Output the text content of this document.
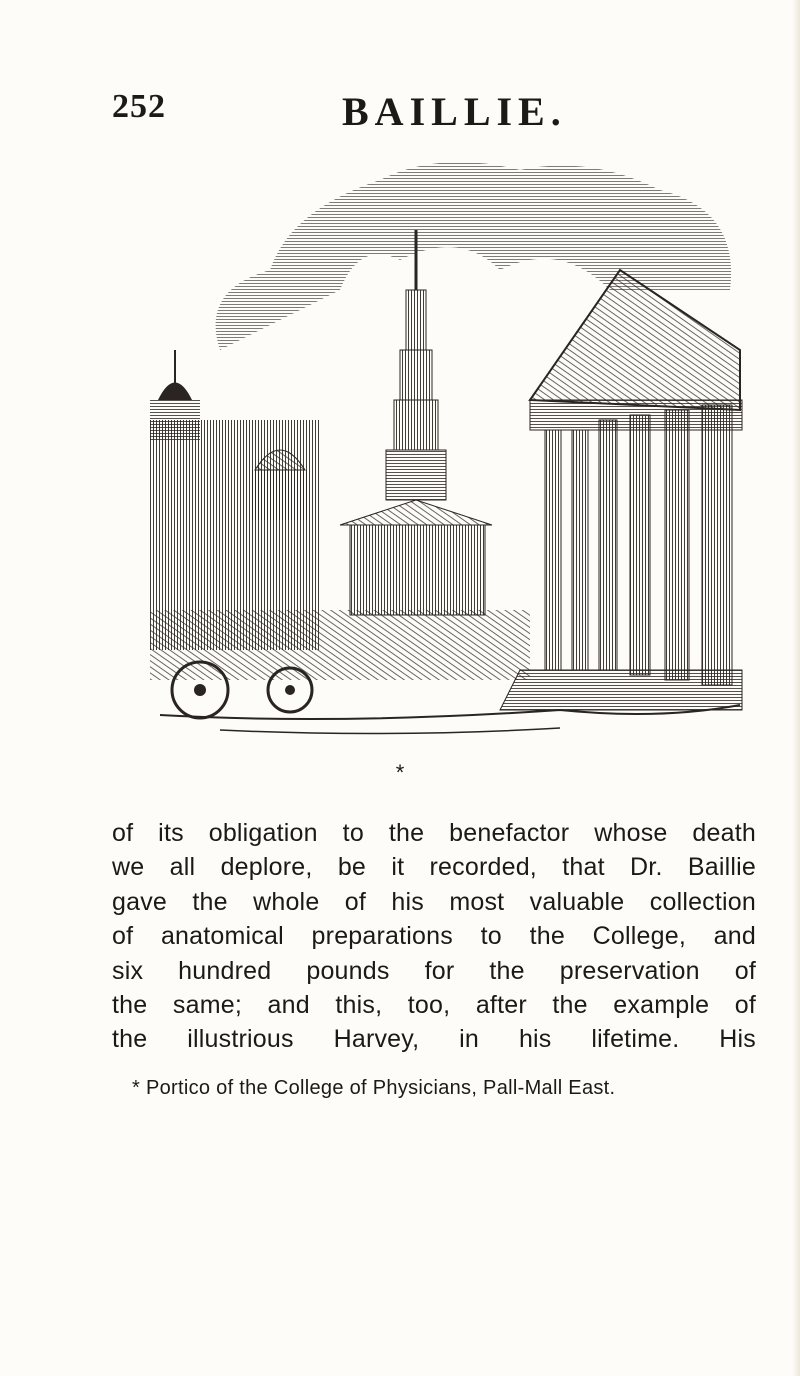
252	BAILLIE.
*
of its obligation to the benefactor whose death
we all deplore, be it recorded, that Dr. Baillie
gave the whole of his most valuable collection
of anatomical preparations to the College, and
six hundred pounds for the preservation of
the same; and this, too, after the example of
the illustrious Harvey, in his lifetime. His
* Portico of the College of Physicians, Pall-Mall East.
